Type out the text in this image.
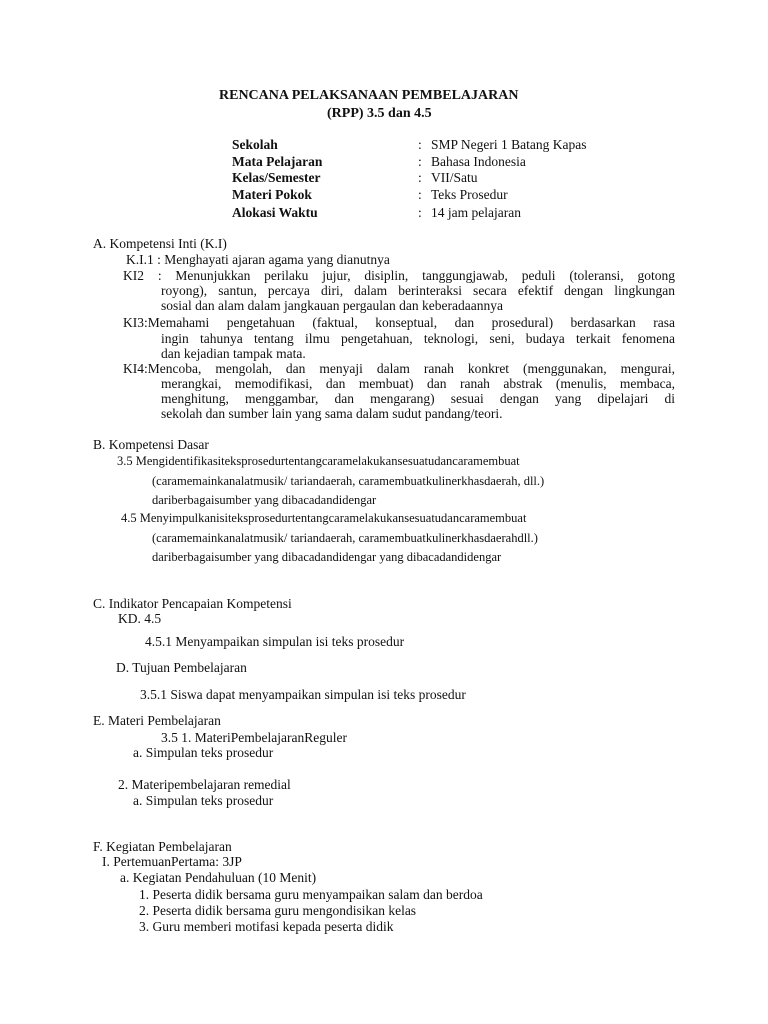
RENCANA PELAKSANAAN PEMBELAJARAN
(RPP) 3.5 dan 4.5
Sekolah	: SMP Negeri 1 Batang Kapas
Mata Pelajaran	: Bahasa Indonesia
Kelas/Semester	: VII/Satu
Materi Pokok	: Teks Prosedur
Alokasi Waktu	: 14 jam pelajaran
A. Kompetensi Inti (K.I)
K.I.1 : Menghayati ajaran agama yang dianutnya
KI2 : Menunjukkan perilaku jujur, disiplin, tanggungjawab, peduli (toleransi, gotong
royong), santun, percaya diri, dalam berinteraksi secara efektif dengan lingkungan
sosial dan alam dalam jangkauan pergaulan dan keberadaannya
KI3:Memahami pengetahuan (faktual, konseptual, dan prosedural) berdasarkan rasa
ingin tahunya tentang ilmu pengetahuan, teknologi, seni, budaya terkait fenomena
dan kejadian tampak mata.
KI4:Mencoba, mengolah, dan menyaji dalam ranah konkret (menggunakan, mengurai,
merangkai, memodifikasi, dan membuat) dan ranah abstrak (menulis, membaca,
menghitung, menggambar, dan mengarang) sesuai dengan yang dipelajari di
sekolah dan sumber lain yang sama dalam sudut pandang/teori.
B. Kompetensi Dasar
3.5 Mengidentifikasiteksprosedurtentangcaramelakukansesuatudancaramembuat
(caramemainkanalatmusik/ tariandaerah, caramembuatkulinerkhasdaerah, dll.)
dariberbagaisumber yang dibacadandidengar
4.5 Menyimpulkanisiteksprosedurtentangcaramelakukansesuatudancaramembuat
(caramemainkanalatmusik/ tariandaerah, caramembuatkulinerkhasdaerahdll.)
dariberbagaisumber yang dibacadandidengar yang dibacadandidengar
C. Indikator Pencapaian Kompetensi
KD. 4.5
4.5.1 Menyampaikan simpulan isi teks prosedur
D. Tujuan Pembelajaran
3.5.1 Siswa dapat menyampaikan simpulan isi teks prosedur
E. Materi Pembelajaran
3.5 1. MateriPembelajaranReguler
a. Simpulan teks prosedur
2. Materipembelajaran remedial
a. Simpulan teks prosedur
F. Kegiatan Pembelajaran
I. PertemuanPertama: 3JP
a. Kegiatan Pendahuluan (10 Menit)
1. Peserta didik bersama guru menyampaikan salam dan berdoa
2. Peserta didik bersama guru mengondisikan kelas
3. Guru memberi motifasi kepada peserta didik
